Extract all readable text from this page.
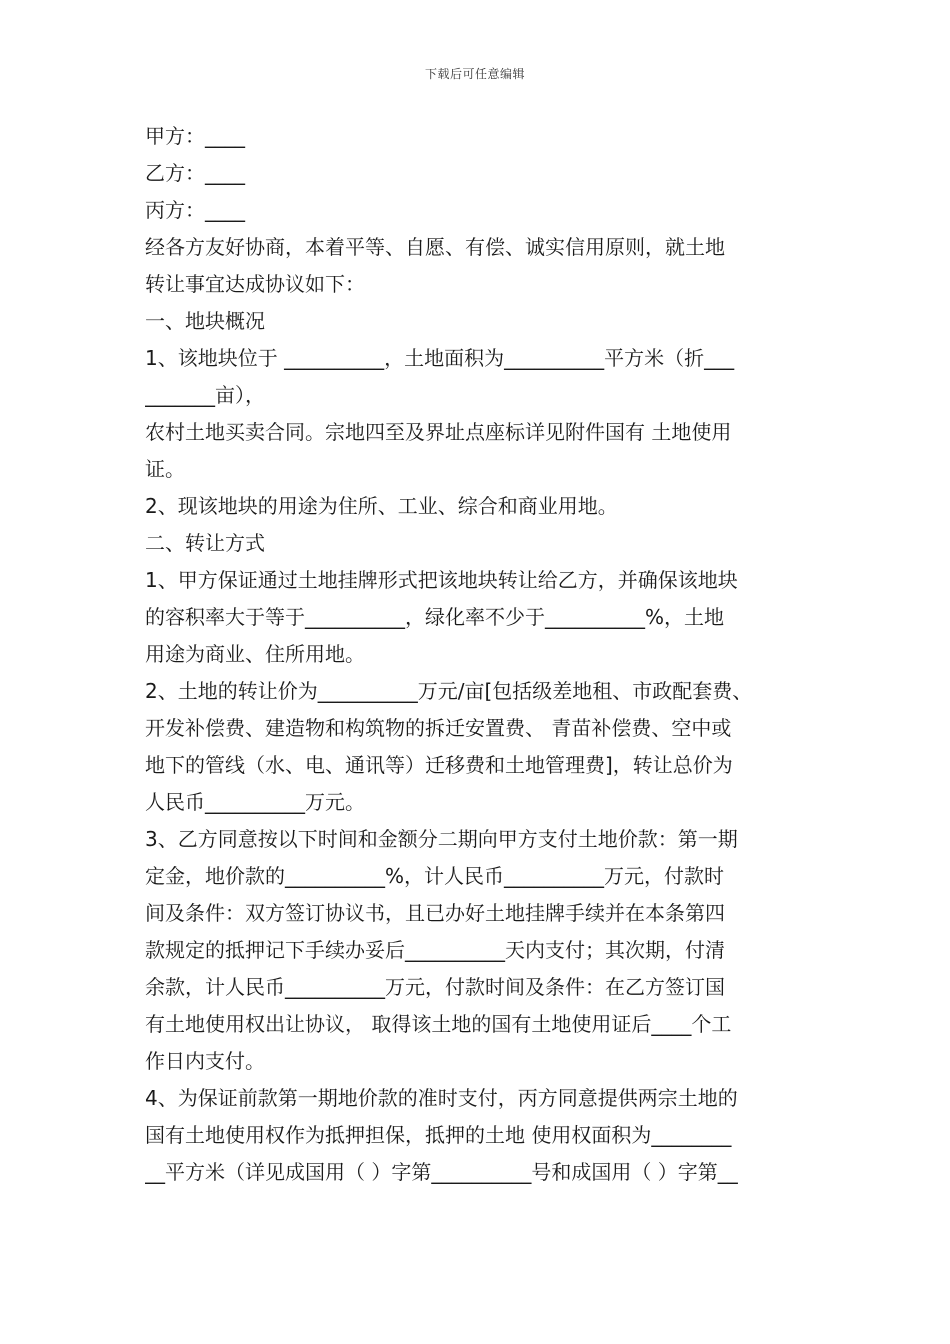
下载后可任意编辑
甲方：____
乙方：____
丙方：____
经各方友好协商，本着平等、自愿、有偿、诚实信用原则，就土地
转让事宜达成协议如下：
一、地块概况
1、该地块位于 __________，土地面积为__________平方米（折___
_______亩），
农村土地买卖合同。宗地四至及界址点座标详见附件国有 土地使用
证。
2、现该地块的用途为住所、工业、综合和商业用地。
二、转让方式
1、甲方保证通过土地挂牌形式把该地块转让给乙方，并确保该地块
的容积率大于等于__________，绿化率不少于__________%，土地
用途为商业、住所用地。
2、土地的转让价为__________万元/亩[包括级差地租、市政配套费、
开发补偿费、建造物和构筑物的拆迁安置费、 青苗补偿费、空中或
地下的管线（水、电、通讯等）迁移费和土地管理费]，转让总价为
人民币__________万元。
3、乙方同意按以下时间和金额分二期向甲方支付土地价款：第一期
定金，地价款的__________%，计人民币__________万元，付款时
间及条件：双方签订协议书，且已办好土地挂牌手续并在本条第四
款规定的抵押记下手续办妥后__________天内支付；其次期，付清
余款，计人民币__________万元，付款时间及条件：在乙方签订国
有土地使用权出让协议， 取得该土地的国有土地使用证后____个工
作日内支付。
4、为保证前款第一期地价款的准时支付，丙方同意提供两宗土地的
国有土地使用权作为抵押担保，抵押的土地 使用权面积为________
__平方米（详见成国用（ ）字第__________号和成国用（ ）字第__
